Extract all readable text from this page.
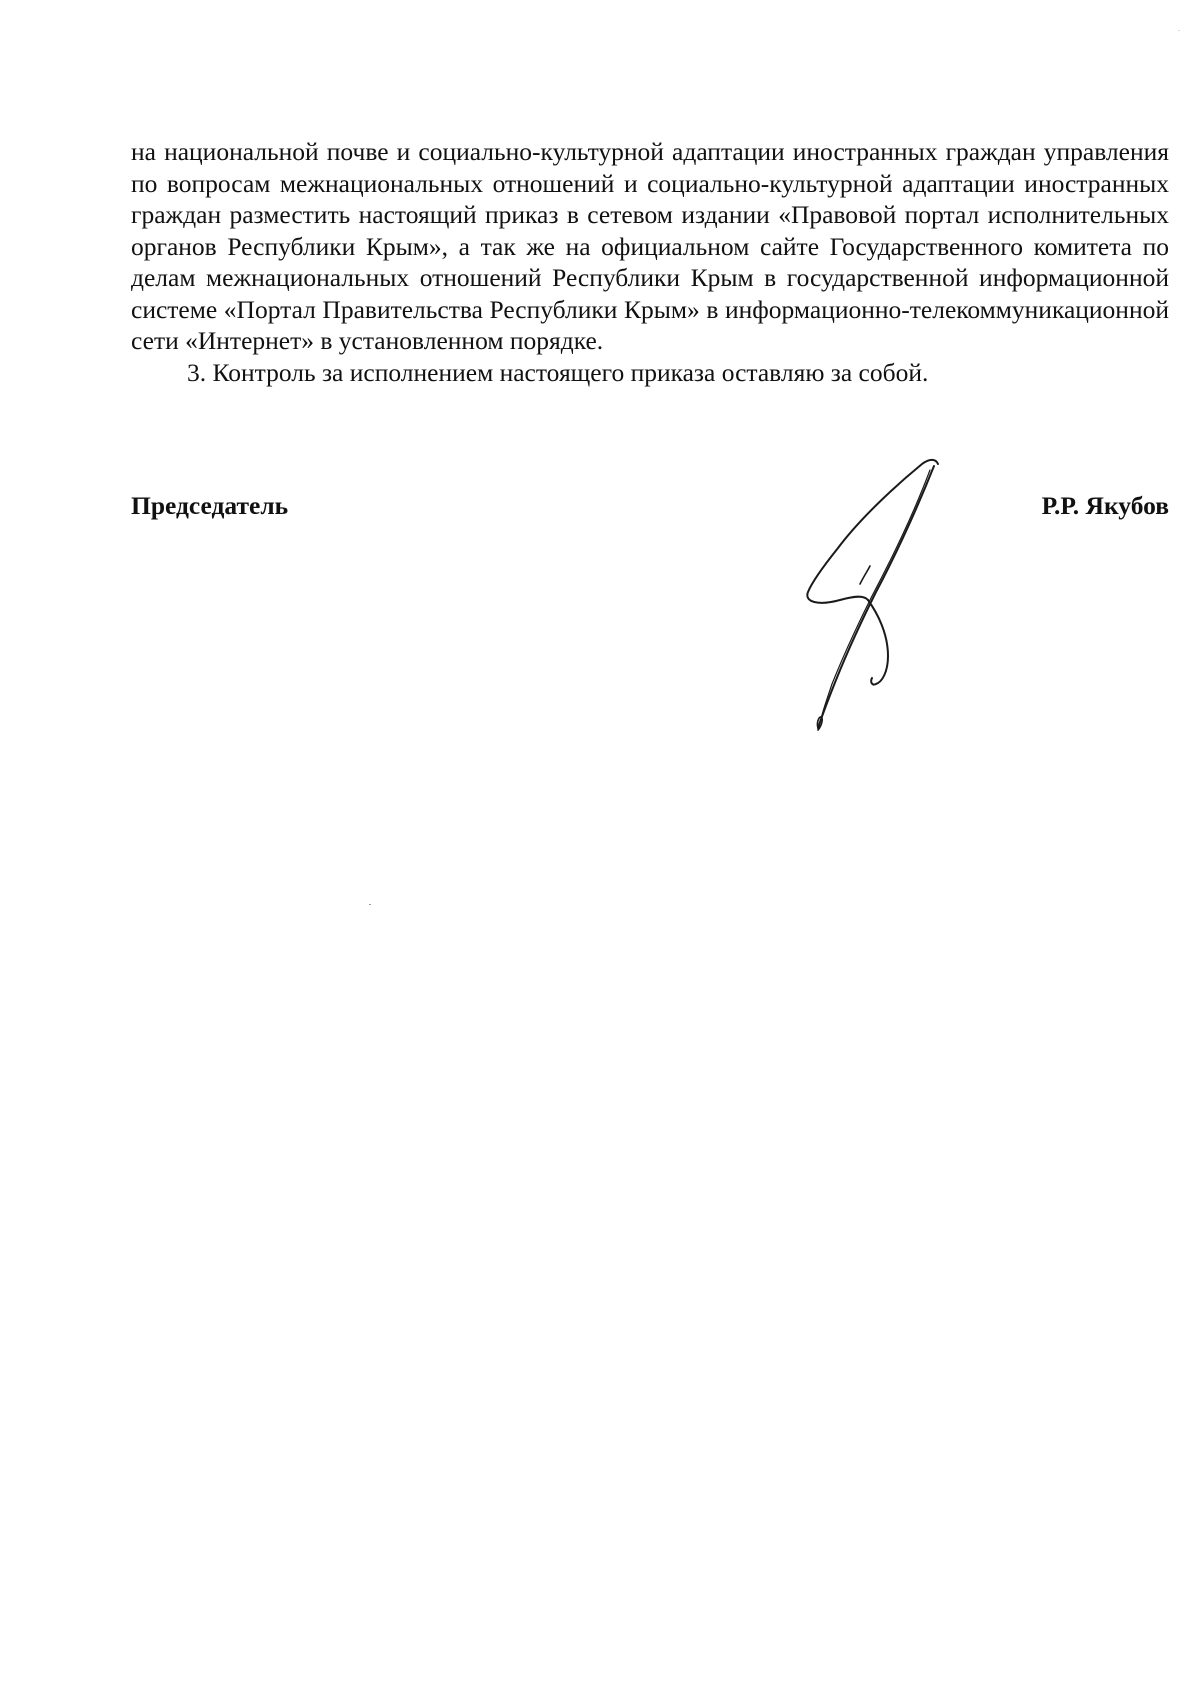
на национальной почве и социально-культурной адаптации иностранных граждан управления по вопросам межнациональных отношений и социально-культурной адаптации иностранных граждан разместить настоящий приказ в сетевом издании «Правовой портал исполнительных органов Республики Крым», а так же на официальном сайте Государственного комитета по делам межнациональных отношений Республики Крым в государственной информационной системе «Портал Правительства Республики Крым» в информационно-телекоммуникационной сети «Интернет» в установленном порядке.

3. Контроль за исполнением настоящего приказа оставляю за собой.

Председатель	Р.Р. Якубов
